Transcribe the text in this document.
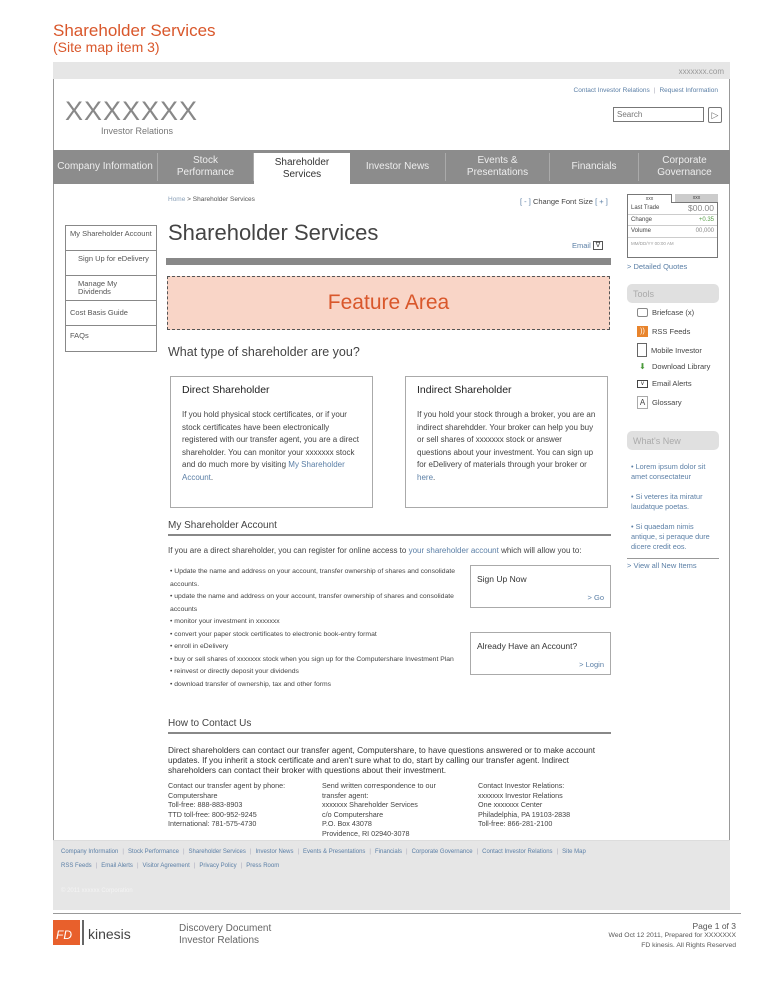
Shareholder Services
(Site map item 3)
xxxxxxx.com
Contact Investor Relations | Request Information
XXXXXXX
Investor Relations
Search
▷
Company Information
Stock Performance
Shareholder Services
Investor News
Events & Presentations
Financials
Corporate Governance
Home > Shareholder Services	[ - ] Change Font Size [ + ]	xxx	xxx
Last Trade	$00.00
Change	+0.35
Volume	00,000
MM/DD/YY 00:00 AM
> Detailed Quotes
My Shareholder Account
Sign Up for eDelivery
Manage My Dividends
Cost Basis Guide
FAQs
Shareholder Services
Email ∇
Feature Area
What type of shareholder are you?
Direct Shareholder

If you hold physical stock certificates, or if your stock certificates have been electronically registered with our transfer agent, you are a direct shareholder. You can monitor your xxxxxxx stock and do much more by visiting My Shareholder Account.

Indirect Shareholder

If you hold your stock through a broker, you are an indirect sharehdder. Your broker can help you buy or sell shares of xxxxxxx stock or answer questions about your investment. You can sign up for eDelivery of materials through your broker or here.

My Shareholder Account
If you are a direct shareholder, you can register for online access to your shareholder account which will allow you to:
• Update the name and address on your account, transfer ownership of shares and consolidate accounts.
• update the name and address on your account, transfer ownership of shares and consolidate accounts
• monitor your investment in xxxxxxx
• convert your paper stock certificates to electronic book-entry format
• enroll in eDelivery
• buy or sell shares of xxxxxxx stock when you sign up for the Computershare Investment Plan
• reinvest or directly deposit your dividends
• download transfer of ownership, tax and other forms
Sign Up Now
> Go
Already Have an Account?
> Login
How to Contact Us
Direct shareholders can contact our transfer agent, Computershare, to have questions answered or to make account updates. If you inherit a stock certificate and aren't sure what to do, start by calling our transfer agent. Indirect shareholders can contact their broker with questions about their investment.
Contact our transfer agent by phone:
Computershare
Toll-free: 888-883-8903
TTD toll-free: 800-952-9245
International: 781-575-4730
Send written correspondence to our
transfer agent:
xxxxxxx Shareholder Services
c/o Computershare
P.O. Box 43078
Providence, RI 02940-3078
Contact Investor Relations:
xxxxxxx Investor Relations
One xxxxxxx Center
Philadelphia, PA 19103-2838
Toll-free: 866-281-2100
Tools
Briefcase (x)
)) RSS Feeds
Mobile Investor
⬇ Download Library
∨ Email Alerts
A Glossary
What's New
• Lorem ipsum dolor sit amet consectateur
• Si veteres ita miratur laudatque poetas.
• Si quaedam nimis antique, si peraque dure dicere credit eos.
> View all New Items
Company Information | Stock Performance | Shareholder Services | Investor News | Events & Presentations | Financials | Corporate Governance | Contact Investor Relations | Site Map
RSS Feeds | Email Alerts | Visitor Agreement | Privacy Policy | Press Room
© 2011 xxxxxx Corporation
FD	kinesis	Discovery Document
Investor Relations
Page 1 of 3
Wed Oct 12 2011, Prepared for XXXXXXX
FD kinesis. All Rights Reserved
